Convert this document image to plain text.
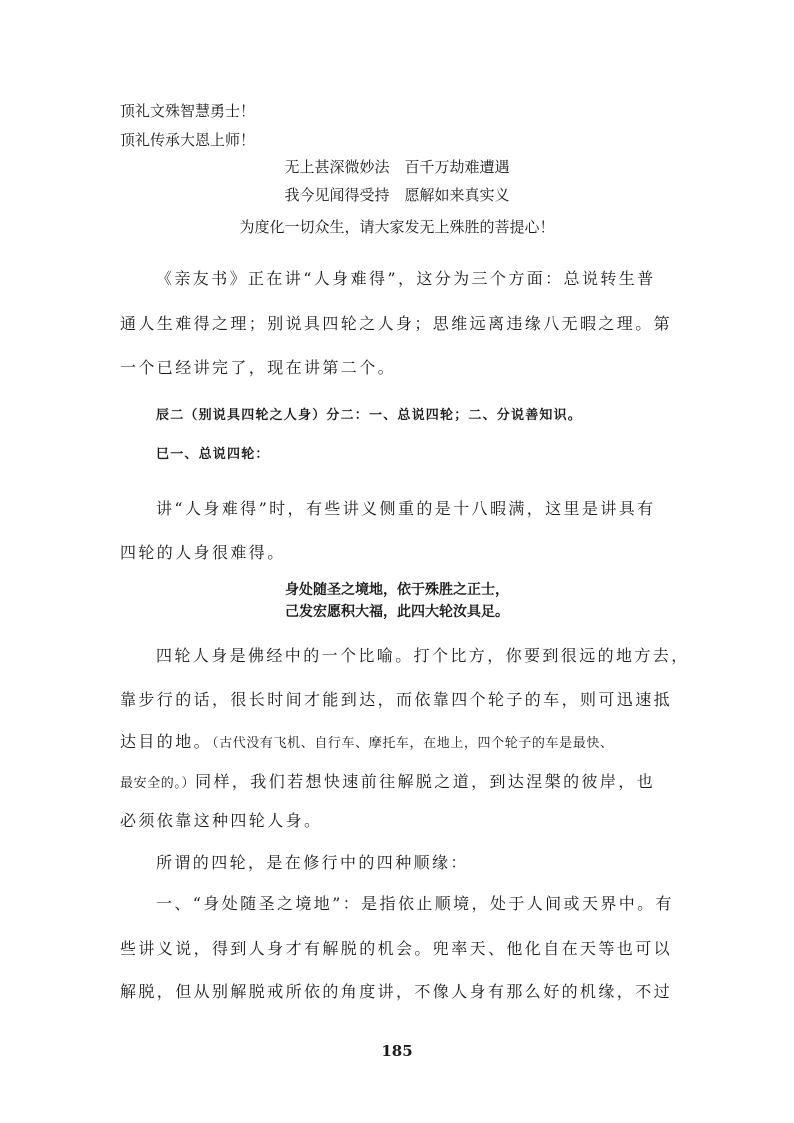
顶礼文殊智慧勇士！
顶礼传承大恩上师！
无上甚深微妙法　百千万劫难遭遇
我今见闻得受持　愿解如来真实义
为度化一切众生，请大家发无上殊胜的菩提心！
《亲友书》正在讲“人身难得”，这分为三个方面：总说转生普
通人生难得之理；别说具四轮之人身；思维远离违缘八无暇之理。第
一个已经讲完了，现在讲第二个。
辰二（别说具四轮之人身）分二：一、总说四轮；二、分说善知识。
巳一、总说四轮：
讲“人身难得”时，有些讲义侧重的是十八暇满，这里是讲具有
四轮的人身很难得。
身处随圣之境地，依于殊胜之正士，
己发宏愿积大福，此四大轮汝具足。
四轮人身是佛经中的一个比喻。打个比方，你要到很远的地方去，
靠步行的话，很长时间才能到达，而依靠四个轮子的车，则可迅速抵
达目的地。（古代没有飞机、自行车、摩托车，在地上，四个轮子的车是最快、
最安全的。）同样，我们若想快速前往解脱之道，到达涅槃的彼岸，也
必须依靠这种四轮人身。
所谓的四轮，是在修行中的四种顺缘：
一、“身处随圣之境地”：是指依止顺境，处于人间或天界中。有
些讲义说，得到人身才有解脱的机会。兜率天、他化自在天等也可以
解脱，但从别解脱戒所依的角度讲，不像人身有那么好的机缘，不过
185
